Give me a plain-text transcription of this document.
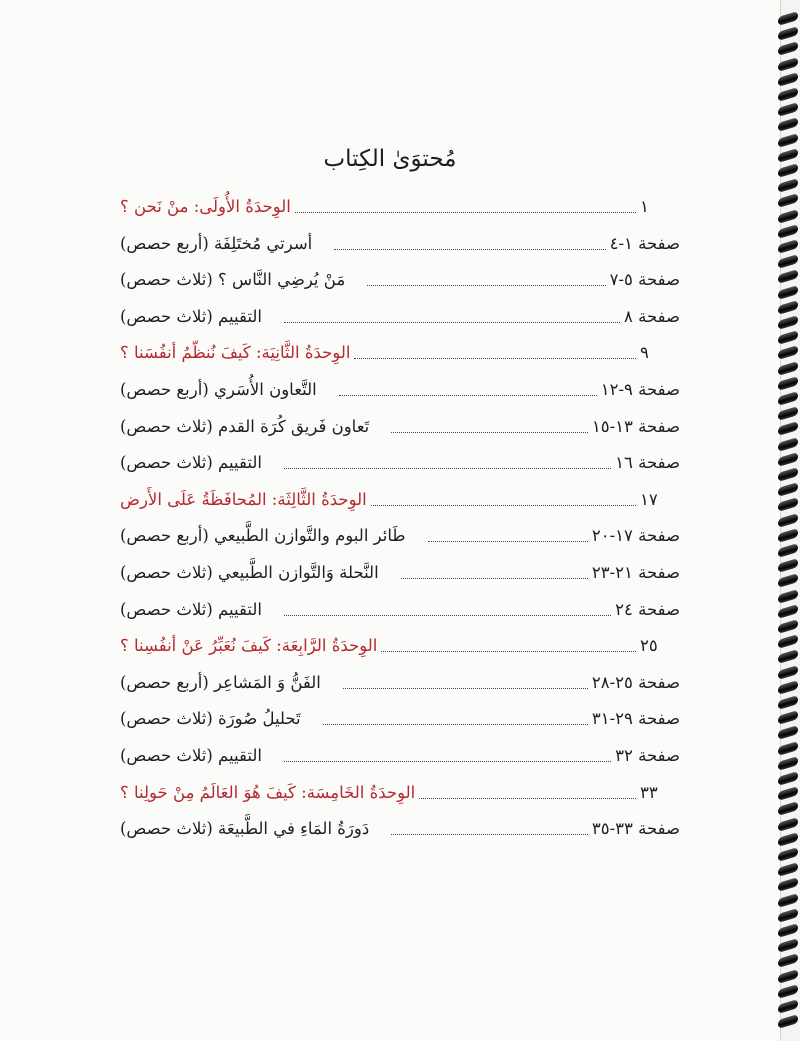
مُحتوَىٰ الكِتاب
الوِحدَةُ الأُولَى: منْ نَحن ؟	١
أسرتي مُختَلِفَة (أربع حصص)	صفحة ١-٤
مَنْ يُرضِي النَّاس ؟ (ثلاث حصص)	صفحة ٥-٧
التقييم (ثلاث حصص)	صفحة ٨
الوِحدَةُ الثَّانِيَة: كَيفَ نُنظّمُ أنفُسَنا ؟	٩
التَّعاون الأُسَري (أربع حصص)	صفحة ٩-١٢
تَعاون فَريق كُرَة القدم (ثلاث حصص)	صفحة ١٣-١٥
التقييم (ثلاث حصص)	صفحة ١٦
الوِحدَةُ الثَّالِثَة: المُحافَظَةُ عَلَى الأَرض	١٧
طَائر البوم والتَّوازن الطَّبيعي (أربع حصص)	صفحة ١٧-٢٠
النَّحلة وَالتَّوازن الطَّبيعي (ثلاث حصص)	صفحة ٢١-٢٣
التقييم (ثلاث حصص)	صفحة ٢٤
الوِحدَةُ الرَّابِعَة: كَيفَ نُعَبِّرُ عَنْ أنفُسِنا ؟	٢٥
الفَنُّ وَ المَشاعِر (أربع حصص)	صفحة ٢٥-٢٨
تَحليلُ صُورَة (ثلاث حصص)	صفحة ٢٩-٣١
التقييم (ثلاث حصص)	صفحة ٣٢
الوِحدَةُ الخَامِسَة: كَيفَ هُوَ العَالَمُ مِنْ حَولِنا ؟	٣٣
دَورَةُ المَاءِ في الطَّبيعَة (ثلاث حصص)	صفحة ٣٣-٣٥
